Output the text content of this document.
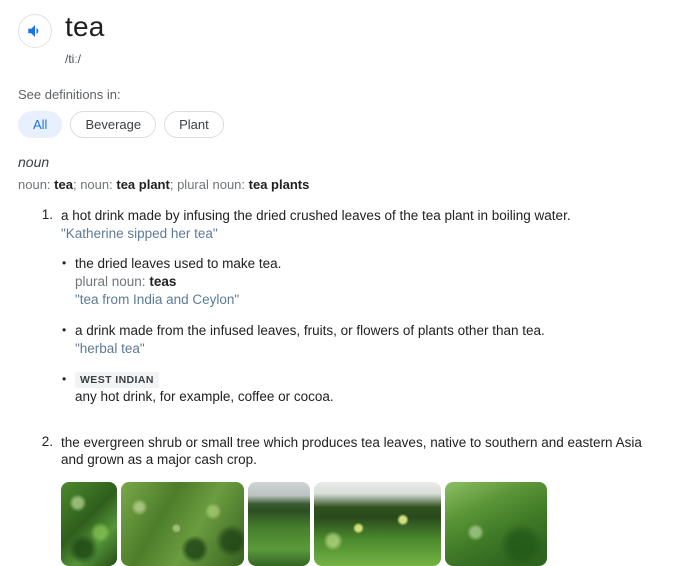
tea
/tiː/
See definitions in:
All	Beverage	Plant
noun
noun: tea; noun: tea plant; plural noun: tea plants
1. a hot drink made by infusing the dried crushed leaves of the tea plant in boiling water.
"Katherine sipped her tea"
• the dried leaves used to make tea.
plural noun: teas
"tea from India and Ceylon"
• a drink made from the infused leaves, fruits, or flowers of plants other than tea.
"herbal tea"
•	WEST INDIAN
any hot drink, for example, coffee or cocoa.
2. the evergreen shrub or small tree which produces tea leaves, native to southern and eastern Asia and grown as a major cash crop.
